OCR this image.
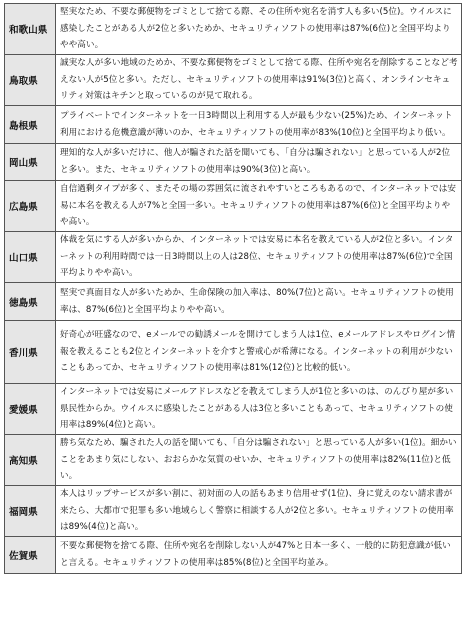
和歌山県	堅実なため、不要な郵便物をゴミとして捨てる際、その住所や宛名を消す人も多い(5位)。ウイルスに感染したことがある人が2位と多いためか、セキュリティソフトの使用率は87%(6位)と全国平均よりやや高い。
鳥取県	誠実な人が多い地域のためか、不要な郵便物をゴミとして捨てる際、住所や宛名を削除することなど考えない人が5位と多い。ただし、セキュリティソフトの使用率は91%(3位)と高く、オンラインセキュリティ対策はキチンと取っているのが見て取れる。
島根県	プライベートでインターネットを一日3時間以上利用する人が最も少ない(25%)ため、インターネット利用における危機意識が薄いのか、セキュリティソフトの使用率が83%(10位)と全国平均より低い。
岡山県	理知的な人が多いだけに、他人が騙された話を聞いても、「自分は騙されない」と思っている人が2位と多い。また、セキュリティソフトの使用率は90%(3位)と高い。
広島県	自信過剰タイプが多く、またその場の雰囲気に流されやすいところもあるので、インターネットでは安易に本名を教える人が7%と全国一多い。セキュリティソフトの使用率は87%(6位)と全国平均よりやや高い。
山口県	体裁を気にする人が多いからか、インターネットでは安易に本名を教えている人が2位と多い。インターネットの利用時間では一日3時間以上の人は28位、セキュリティソフトの使用率は87%(6位)で全国平均よりやや高い。
徳島県	堅実で真面目な人が多いためか、生命保険の加入率は、80%(7位)と高い。セキュリティソフトの使用率は、87%(6位)と全国平均よりやや高い。
香川県	好奇心が旺盛なので、eメールでの勧誘メールを開けてしまう人は1位、eメールアドレスやログイン情報を教えることも2位とインターネットを介すと警戒心が希薄になる。インターネットの利用が少ないこともあってか、セキュリティソフトの使用率は81%(12位)と比較的低い。
愛媛県	インターネットでは安易にメールアドレスなどを教えてしまう人が1位と多いのは、のんびり屋が多い県民性からか。ウイルスに感染したことがある人は3位と多いこともあって、セキュリティソフトの使用率は89%(4位)と高い。
高知県	勝ち気なため、騙された人の話を聞いても、「自分は騙されない」と思っている人が多い(1位)。細かいことをあまり気にしない、おおらかな気質のせいか、セキュリティソフトの使用率は82%(11位)と低い。
福岡県	本人はリップサービスが多い割に、初対面の人の話もあまり信用せず(1位)、身に覚えのない請求書が来たら、大都市で犯罪も多い地域らしく警察に相談する人が2位と多い。セキュリティソフトの使用率は89%(4位)と高い。
佐賀県	不要な郵便物を捨てる際、住所や宛名を削除しない人が47%と日本一多く、一般的に防犯意識が低いと言える。セキュリティソフトの使用率は85%(8位)と全国平均並み。
